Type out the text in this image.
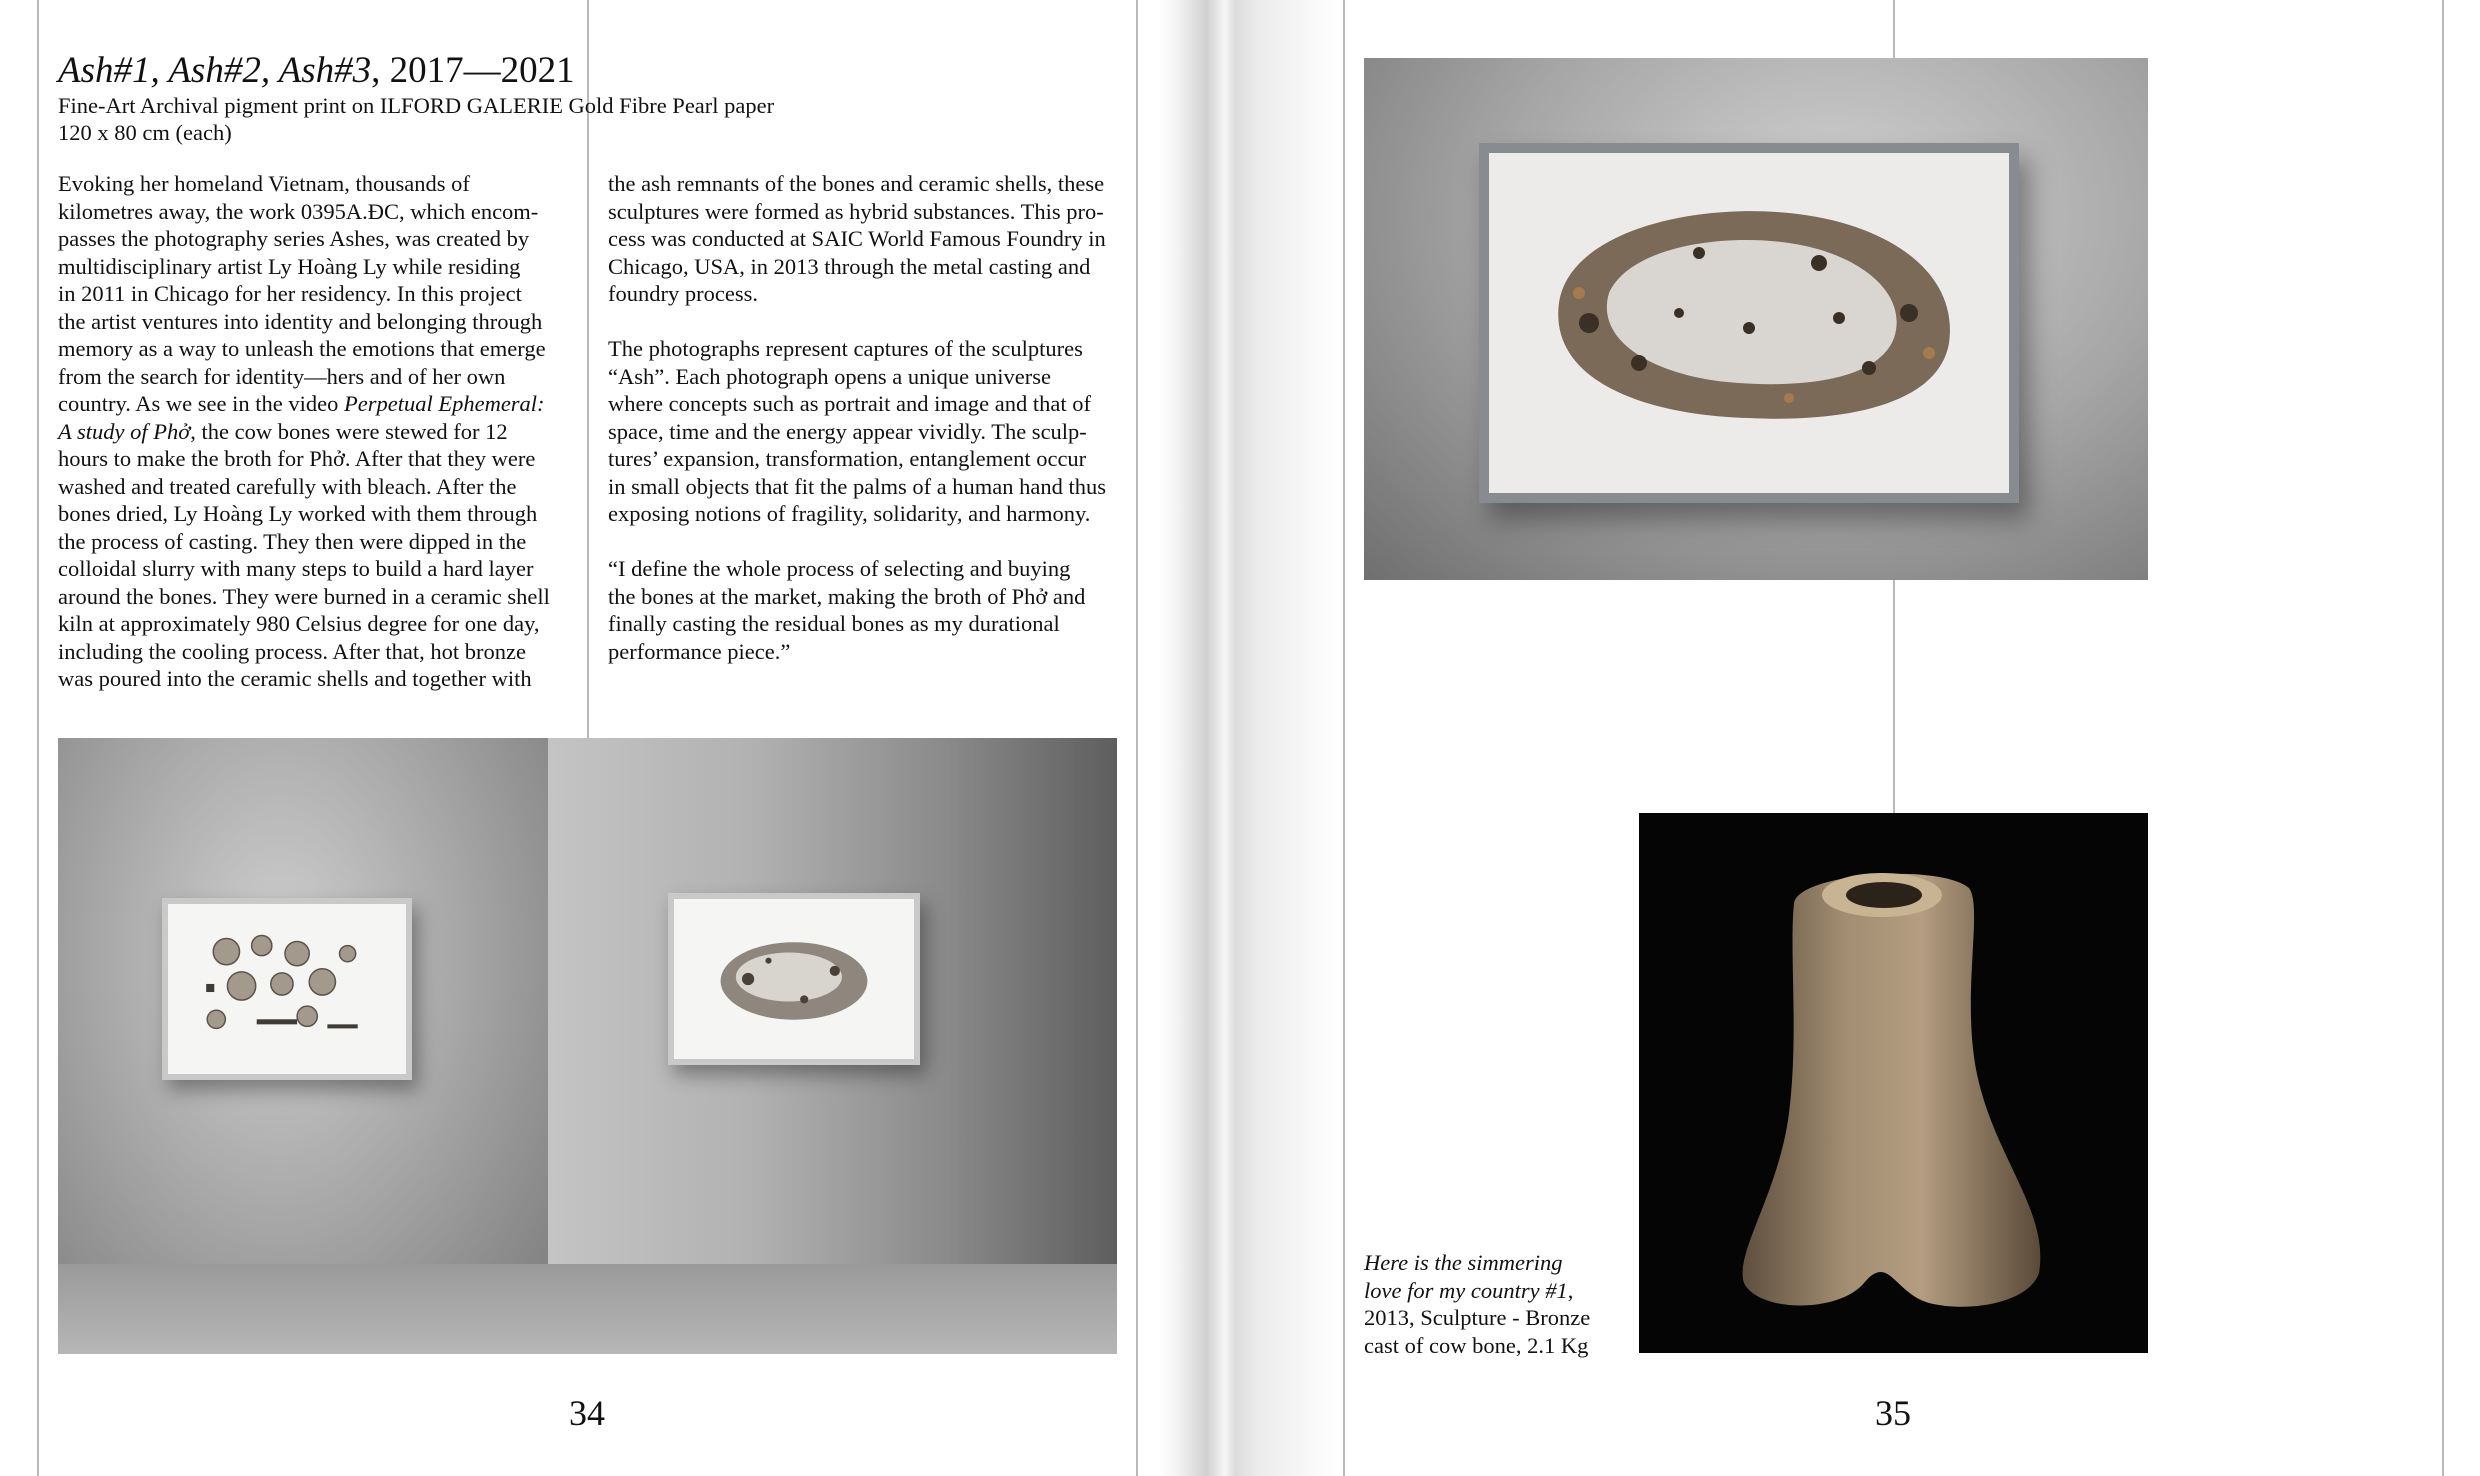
Ash#1, Ash#2, Ash#3, 2017—2021
Fine-Art Archival pigment print on ILFORD GALERIE Gold Fibre Pearl paper
120 x 80 cm (each)
Evoking her homeland Vietnam, thousands of
kilometres away, the work 0395A.ĐC, which encom-
passes the photography series Ashes, was created by
multidisciplinary artist Ly Hoàng Ly while residing
in 2011 in Chicago for her residency. In this project
the artist ventures into identity and belonging through
memory as a way to unleash the emotions that emerge
from the search for identity—hers and of her own
country. As we see in the video Perpetual Ephemeral:
A study of Phở, the cow bones were stewed for 12
hours to make the broth for Phở. After that they were
washed and treated carefully with bleach. After the
bones dried, Ly Hoàng Ly worked with them through
the process of casting. They then were dipped in the
colloidal slurry with many steps to build a hard layer
around the bones. They were burned in a ceramic shell
kiln at approximately 980 Celsius degree for one day,
including the cooling process. After that, hot bronze
was poured into the ceramic shells and together with
the ash remnants of the bones and ceramic shells, these
sculptures were formed as hybrid substances. This pro-
cess was conducted at SAIC World Famous Foundry in
Chicago, USA, in 2013 through the metal casting and
foundry process.
The photographs represent captures of the sculptures
“Ash”. Each photograph opens a unique universe
where concepts such as portrait and image and that of
space, time and the energy appear vividly. The sculp-
tures’ expansion, transformation, entanglement occur
in small objects that fit the palms of a human hand thus
exposing notions of fragility, solidarity, and harmony.
“I define the whole process of selecting and buying
the bones at the market, making the broth of Phở and
finally casting the residual bones as my durational
performance piece.”
34
Here is the simmering
love for my country #1,
2013, Sculpture - Bronze
cast of cow bone, 2.1 Kg
35
